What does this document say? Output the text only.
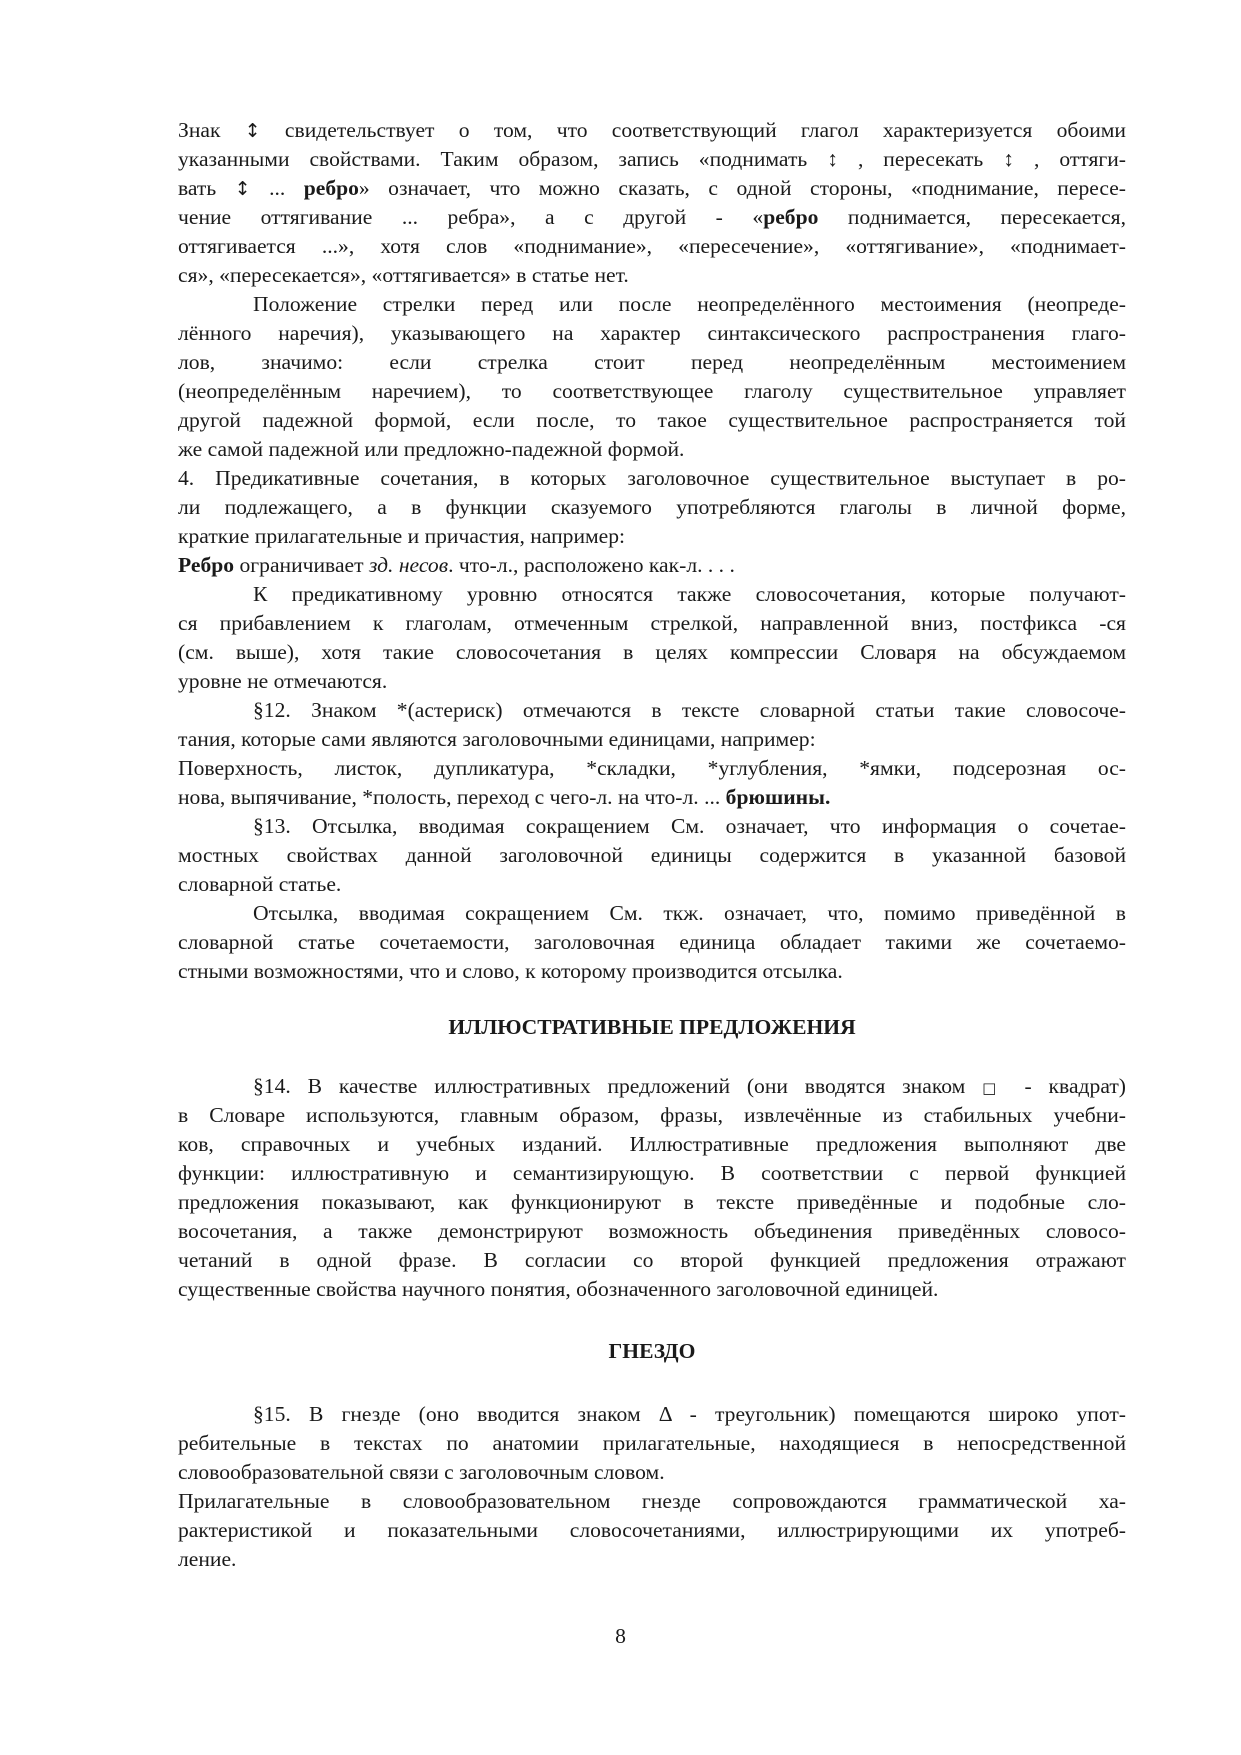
Знак ↕ свидетельствует о том, что соответствующий глагол характеризуется обоими
указанными свойствами. Таким образом, запись «поднимать ↕ , пересекать ↕ , оттяги-
вать ↕ ... ребро» означает, что можно сказать, с одной стороны, «поднимание, пересе-
чение оттягивание ... ребра», а с другой - «ребро поднимается, пересекается,
оттягивается ...», хотя слов «поднимание», «пересечение», «оттягивание», «поднимает-
ся», «пересекается», «оттягивается» в статье нет.
Положение стрелки перед или после неопределённого местоимения (неопреде-
лённого наречия), указывающего на характер синтаксического распространения глаго-
лов, значимо: если стрелка стоит перед неопределённым местоимением
(неопределённым наречием), то соответствующее глаголу существительное управляет
другой падежной формой, если после, то такое существительное распространяется той
же самой падежной или предложно-падежной формой.
4. Предикативные сочетания, в которых заголовочное существительное выступает в ро-
ли подлежащего, а в функции сказуемого употребляются глаголы в личной форме,
краткие прилагательные и причастия, например:
Ребро ограничивает зд. несов. что-л., расположено как-л. . . .
К предикативному уровню относятся также словосочетания, которые получают-
ся прибавлением к глаголам, отмеченным стрелкой, направленной вниз, постфикса -ся
(см. выше), хотя такие словосочетания в целях компрессии Словаря на обсуждаемом
уровне не отмечаются.
§12. Знаком *(астериск) отмечаются в тексте словарной статьи такие словосоче-
тания, которые сами являются заголовочными единицами, например:
Поверхность, листок, дупликатура, *складки, *углубления, *ямки, подсерозная ос-
нова, выпячивание, *полость, переход с чего-л. на что-л. ... брюшины.
§13. Отсылка, вводимая сокращением См. означает, что информация о сочетае-
мостных свойствах данной заголовочной единицы содержится в указанной базовой
словарной статье.
Отсылка, вводимая сокращением См. ткж. означает, что, помимо приведённой в
словарной статье сочетаемости, заголовочная единица обладает такими же сочетаемо-
стными возможностями, что и слово, к которому производится отсылка.
ИЛЛЮСТРАТИВНЫЕ ПРЕДЛОЖЕНИЯ
§14. В качестве иллюстративных предложений (они вводятся знаком □ - квадрат)
в Словаре используются, главным образом, фразы, извлечённые из стабильных учебни-
ков, справочных и учебных изданий. Иллюстративные предложения выполняют две
функции: иллюстративную и семантизирующую. В соответствии с первой функцией
предложения показывают, как функционируют в тексте приведённые и подобные сло-
восочетания, а также демонстрируют возможность объединения приведённых словосо-
четаний в одной фразе. В согласии со второй функцией предложения отражают
существенные свойства научного понятия, обозначенного заголовочной единицей.
ГНЕЗДО
§15. В гнезде (оно вводится знаком Δ - треугольник) помещаются широко упот-
ребительные в текстах по анатомии прилагательные, находящиеся в непосредственной
словообразовательной связи с заголовочным словом.
Прилагательные в словообразовательном гнезде сопровождаются грамматической ха-
рактеристикой и показательными словосочетаниями, иллюстрирующими их употреб-
ление.
8
